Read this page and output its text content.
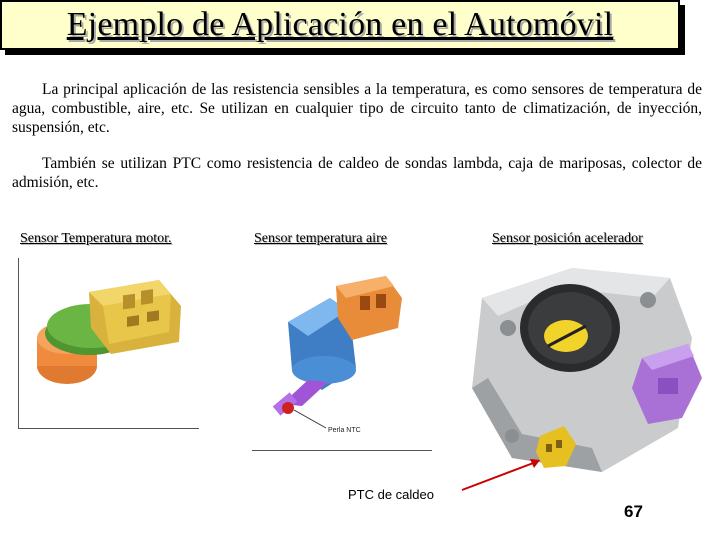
Ejemplo de Aplicación en el Automóvil

La principal aplicación de las resistencia sensibles a la temperatura, es como sensores de temperatura de agua, combustible, aire, etc. Se utilizan en cualquier tipo de circuito tanto de climatización, de inyección, suspensión, etc.

También se utilizan PTC como resistencia de caldeo de sondas lambda, caja de mariposas, colector de admisión, etc.

Sensor Temperatura motor.	Sensor temperatura aire	Sensor posición acelerador
Perla NTC
PTC de caldeo
67
